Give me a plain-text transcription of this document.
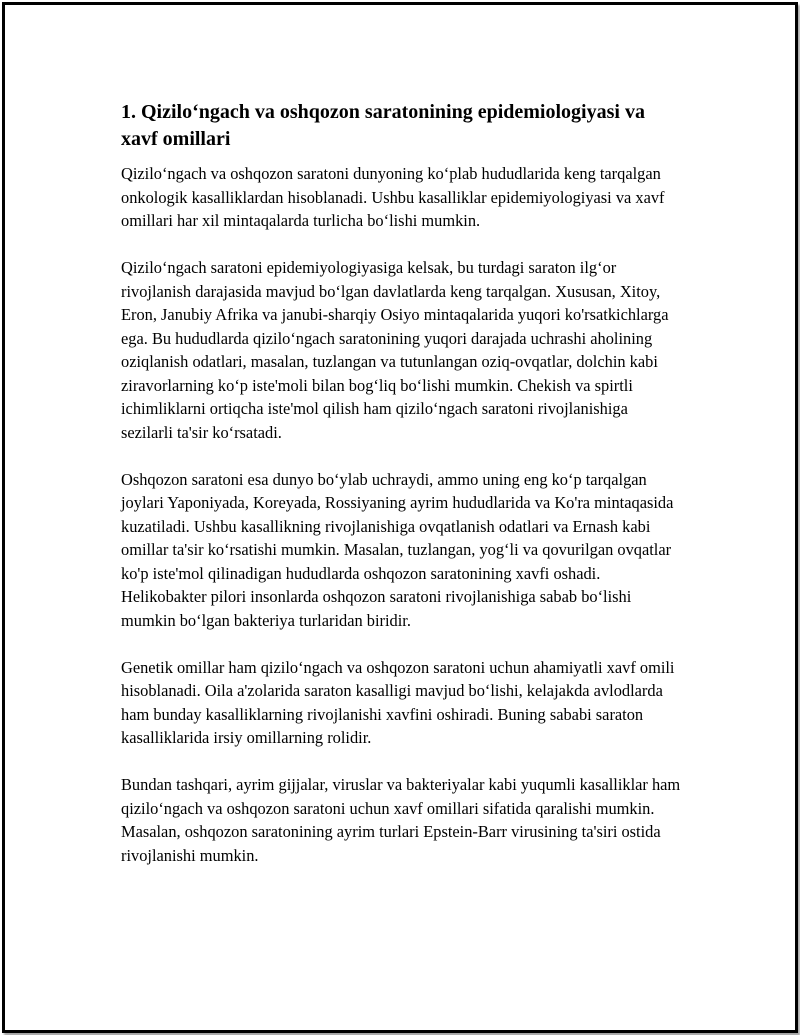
1. Qizilo‘ngach va oshqozon saratonining epidemiologiyasi va xavf omillari
Qizilo‘ngach va oshqozon saratoni dunyoning ko‘plab hududlarida keng tarqalgan onkologik kasalliklardan hisoblanadi. Ushbu kasalliklar epidemiyologiyasi va xavf omillari har xil mintaqalarda turlicha bo‘lishi mumkin.
Qizilo‘ngach saratoni epidemiyologiyasiga kelsak, bu turdagi saraton ilg‘or rivojlanish darajasida mavjud bo‘lgan davlatlarda keng tarqalgan. Xususan, Xitoy, Eron, Janubiy Afrika va janubi-sharqiy Osiyo mintaqalarida yuqori ko'rsatkichlarga ega. Bu hududlarda qizilo‘ngach saratonining yuqori darajada uchrashi aholining oziqlanish odatlari, masalan, tuzlangan va tutunlangan oziq-ovqatlar, dolchin kabi ziravorlarning ko‘p iste'moli bilan bog‘liq bo‘lishi mumkin. Chekish va spirtli ichimliklarni ortiqcha iste'mol qilish ham qizilo‘ngach saratoni rivojlanishiga sezilarli ta'sir ko‘rsatadi.
Oshqozon saratoni esa dunyo bo‘ylab uchraydi, ammo uning eng ko‘p tarqalgan joylari Yaponiyada, Koreyada, Rossiyaning ayrim hududlarida va Ko'ra mintaqasida kuzatiladi. Ushbu kasallikning rivojlanishiga ovqatlanish odatlari va Ernash kabi omillar ta'sir ko‘rsatishi mumkin. Masalan, tuzlangan, yog‘li va qovurilgan ovqatlar ko'p iste'mol qilinadigan hududlarda oshqozon saratonining xavfi oshadi. Helikobakter pilori insonlarda oshqozon saratoni rivojlanishiga sabab bo‘lishi mumkin bo‘lgan bakteriya turlaridan biridir.
Genetik omillar ham qizilo‘ngach va oshqozon saratoni uchun ahamiyatli xavf omili hisoblanadi. Oila a'zolarida saraton kasalligi mavjud bo‘lishi, kelajakda avlodlarda ham bunday kasalliklarning rivojlanishi xavfini oshiradi. Buning sababi saraton kasalliklarida irsiy omillarning rolidir.
Bundan tashqari, ayrim gijjalar, viruslar va bakteriyalar kabi yuqumli kasalliklar ham qizilo‘ngach va oshqozon saratoni uchun xavf omillari sifatida qaralishi mumkin. Masalan, oshqozon saratonining ayrim turlari Epstein-Barr virusining ta'siri ostida rivojlanishi mumkin.
